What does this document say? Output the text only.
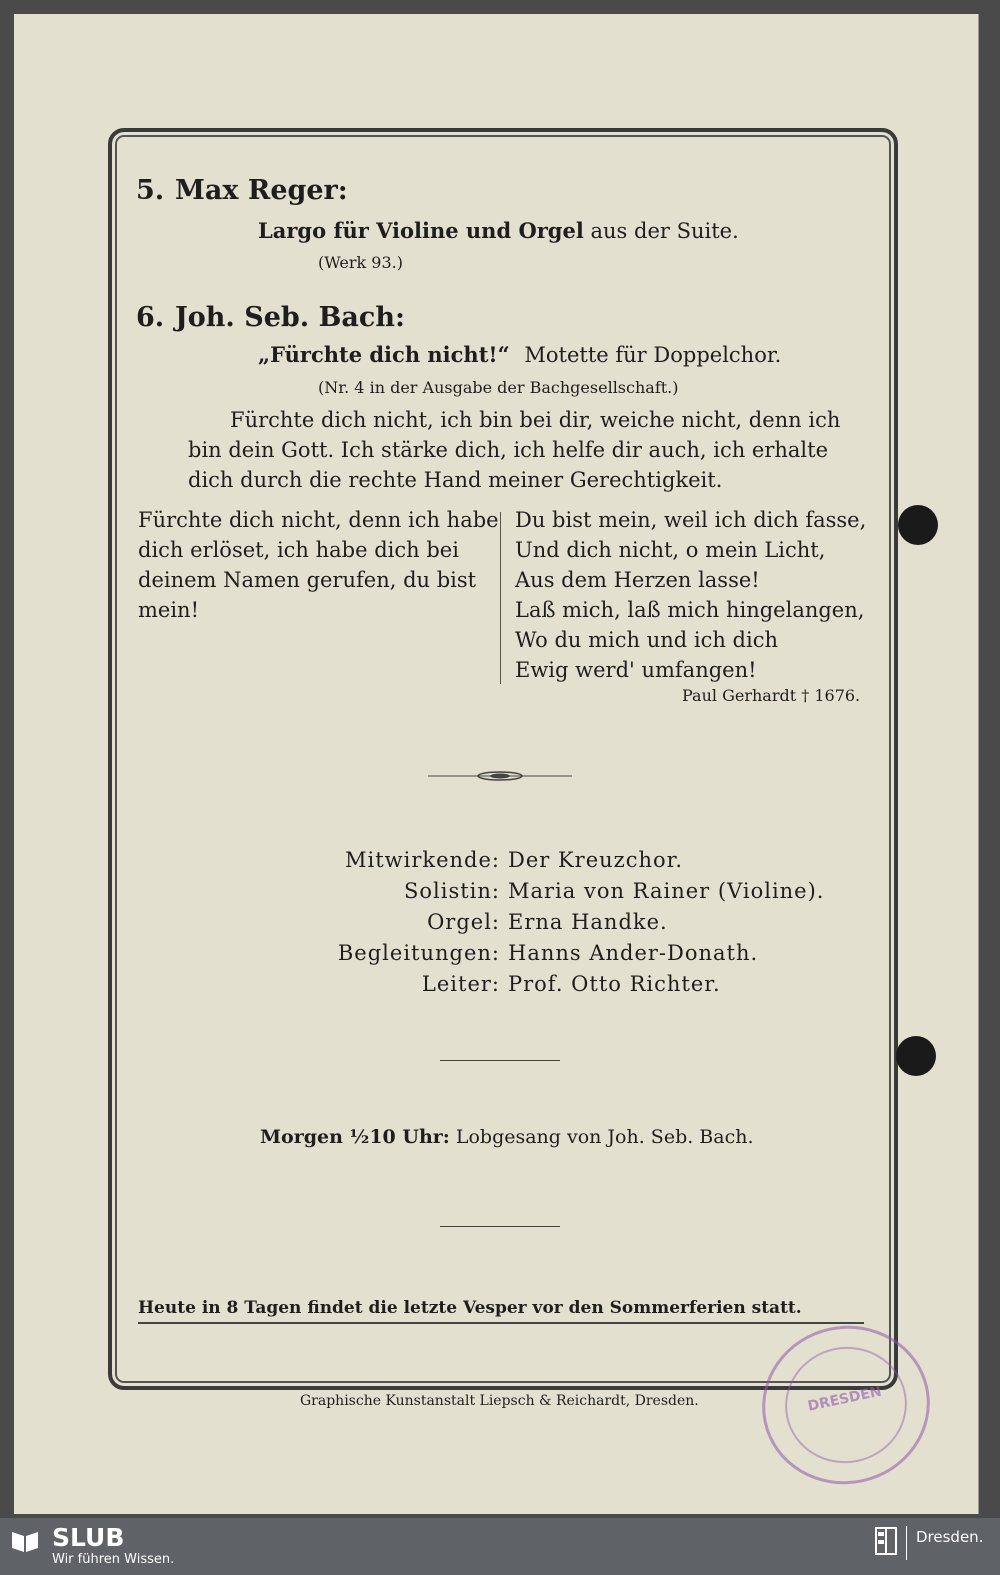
5. Max Reger:
Largo für Violine und Orgel aus der Suite.
(Werk 93.)
6. Joh. Seb. Bach:
„Fürchte dich nicht!“ Motette für Doppelchor.
(Nr. 4 in der Ausgabe der Bachgesellschaft.)
Fürchte dich nicht, ich bin bei dir, weiche nicht, denn ich
bin dein Gott. Ich stärke dich, ich helfe dir auch, ich erhalte
dich durch die rechte Hand meiner Gerechtigkeit.
Fürchte dich nicht, denn ich habe
dich erlöset, ich habe dich bei
deinem Namen gerufen, du bist
mein!
Du bist mein, weil ich dich fasse,
Und dich nicht, o mein Licht,
Aus dem Herzen lasse!
Laß mich, laß mich hingelangen,
Wo du mich und ich dich
Ewig werd' umfangen!
Paul Gerhardt † 1676.
Mitwirkende:
Solistin:
Orgel:
Begleitungen:
Leiter:
Der Kreuzchor.
Maria von Rainer (Violine).
Erna Handke.
Hanns Ander-Donath.
Prof. Otto Richter.
Morgen ½10 Uhr: Lobgesang von Joh. Seb. Bach.
Heute in 8 Tagen findet die letzte Vesper vor den Sommerferien statt.
Graphische Kunstanstalt Liepsch & Reichardt, Dresden.	DRESDEN
SLUB
Wir führen Wissen.
Dresden.
